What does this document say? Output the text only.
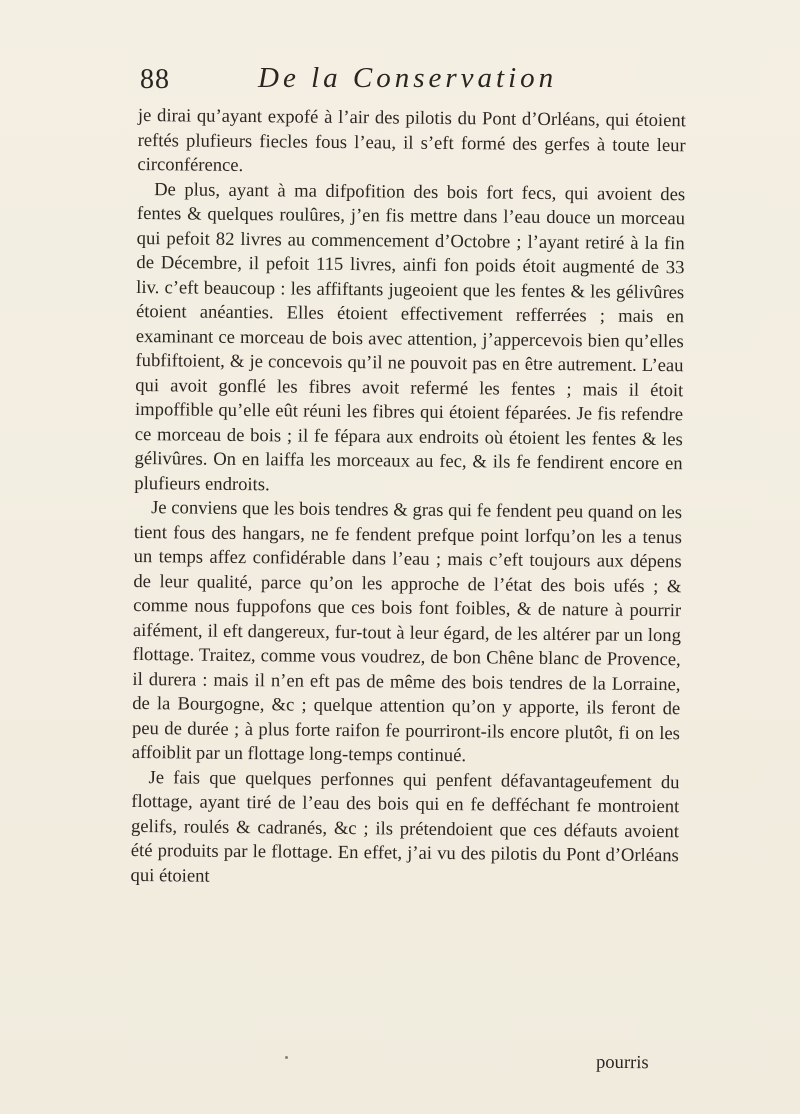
88	De la Conservation

je dirai qu’ayant expofé à l’air des pilotis du Pont d’Orléans, qui étoient reftés plufieurs fiecles fous l’eau, il s’eft formé des gerfes à toute leur circonférence.

De plus, ayant à ma difpofition des bois fort fecs, qui avoient des fentes & quelques roulûres, j’en fis mettre dans l’eau douce un morceau qui pefoit 82 livres au commencement d’Octobre ; l’ayant retiré à la fin de Décembre, il pefoit 115 livres, ainfi fon poids étoit augmenté de 33 liv. c’eft beaucoup : les affiftants jugeoient que les fentes & les gélivûres étoient anéanties. Elles étoient effectivement refferrées ; mais en examinant ce morceau de bois avec attention, j’appercevois bien qu’elles fubfiftoient, & je concevois qu’il ne pouvoit pas en être autrement. L’eau qui avoit gonflé les fibres avoit refermé les fentes ; mais il étoit impoffible qu’elle eût réuni les fibres qui étoient féparées. Je fis refendre ce morceau de bois ; il fe fépara aux endroits où étoient les fentes & les gélivûres. On en laiffa les morceaux au fec, & ils fe fendirent encore en plufieurs endroits.

Je conviens que les bois tendres & gras qui fe fendent peu quand on les tient fous des hangars, ne fe fendent prefque point lorfqu’on les a tenus un temps affez confidérable dans l’eau ; mais c’eft toujours aux dépens de leur qualité, parce qu’on les approche de l’état des bois ufés ; & comme nous fuppofons que ces bois font foibles, & de nature à pourrir aifément, il eft dangereux, fur-tout à leur égard, de les altérer par un long flottage. Traitez, comme vous voudrez, de bon Chêne blanc de Provence, il durera : mais il n’en eft pas de même des bois tendres de la Lorraine, de la Bourgogne, &c ; quelque attention qu’on y apporte, ils feront de peu de durée ; à plus forte raifon fe pourriront-ils encore plutôt, fi on les affoiblit par un flottage long-temps continué.

Je fais que quelques perfonnes qui penfent défavantageufement du flottage, ayant tiré de l’eau des bois qui en fe defféchant fe montroient gelifs, roulés & cadranés, &c ; ils prétendoient que ces défauts avoient été produits par le flottage. En effet, j’ai vu des pilotis du Pont d’Orléans qui étoient

pourris
